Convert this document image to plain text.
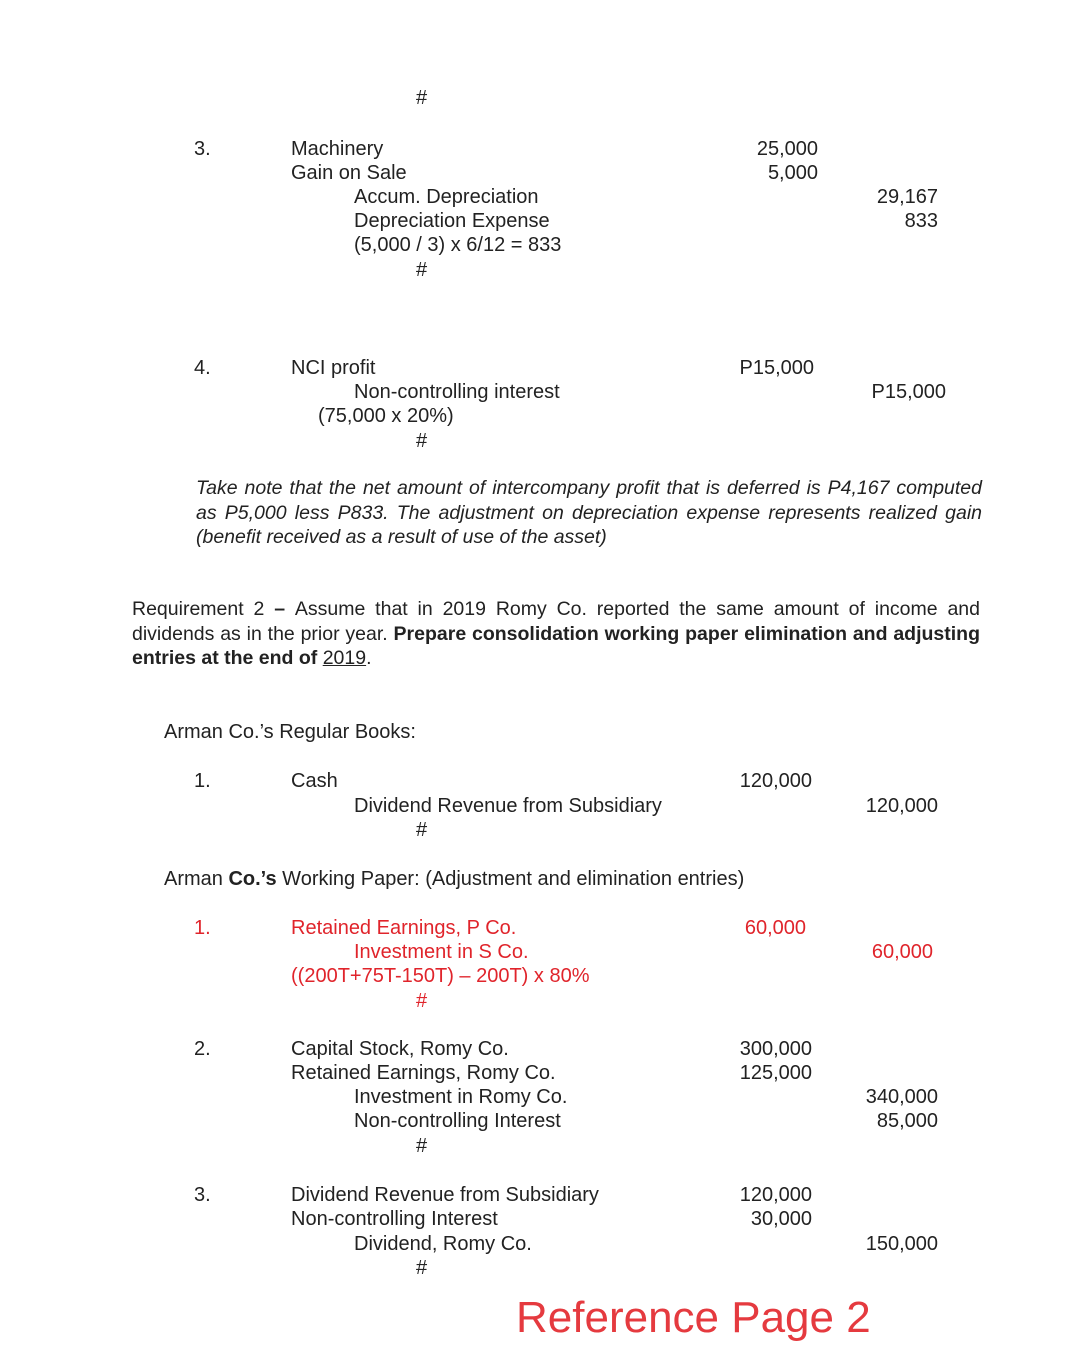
#
3.	Machinery	25,000
Gain on Sale	5,000
Accum. Depreciation	29,167
Depreciation Expense	833
(5,000 / 3) x 6/12 = 833
#
4.	NCI profit	P15,000
Non-controlling interest	P15,000
(75,000 x 20%)
#
Take note that the net amount of intercompany profit that is deferred is P4,167 computed as P5,000 less P833. The adjustment on depreciation expense represents realized gain (benefit received as a result of use of the asset)
Requirement 2 – Assume that in 2019 Romy Co. reported the same amount of income and dividends as in the prior year. Prepare consolidation working paper elimination and adjusting entries at the end of 2019.
Arman Co.’s Regular Books:
1.	Cash	120,000
Dividend Revenue from Subsidiary	120,000
#
Arman Co.’s Working Paper: (Adjustment and elimination entries)
1.	Retained Earnings, P Co.	60,000
Investment in S Co.	60,000
((200T+75T-150T) – 200T) x 80%
#
2.	Capital Stock, Romy Co.	300,000
Retained Earnings, Romy Co.	125,000
Investment in Romy Co.	340,000
Non-controlling Interest	85,000
#
3.	Dividend Revenue from Subsidiary	120,000
Non-controlling Interest	30,000
Dividend, Romy Co.	150,000
#
Reference Page 2
